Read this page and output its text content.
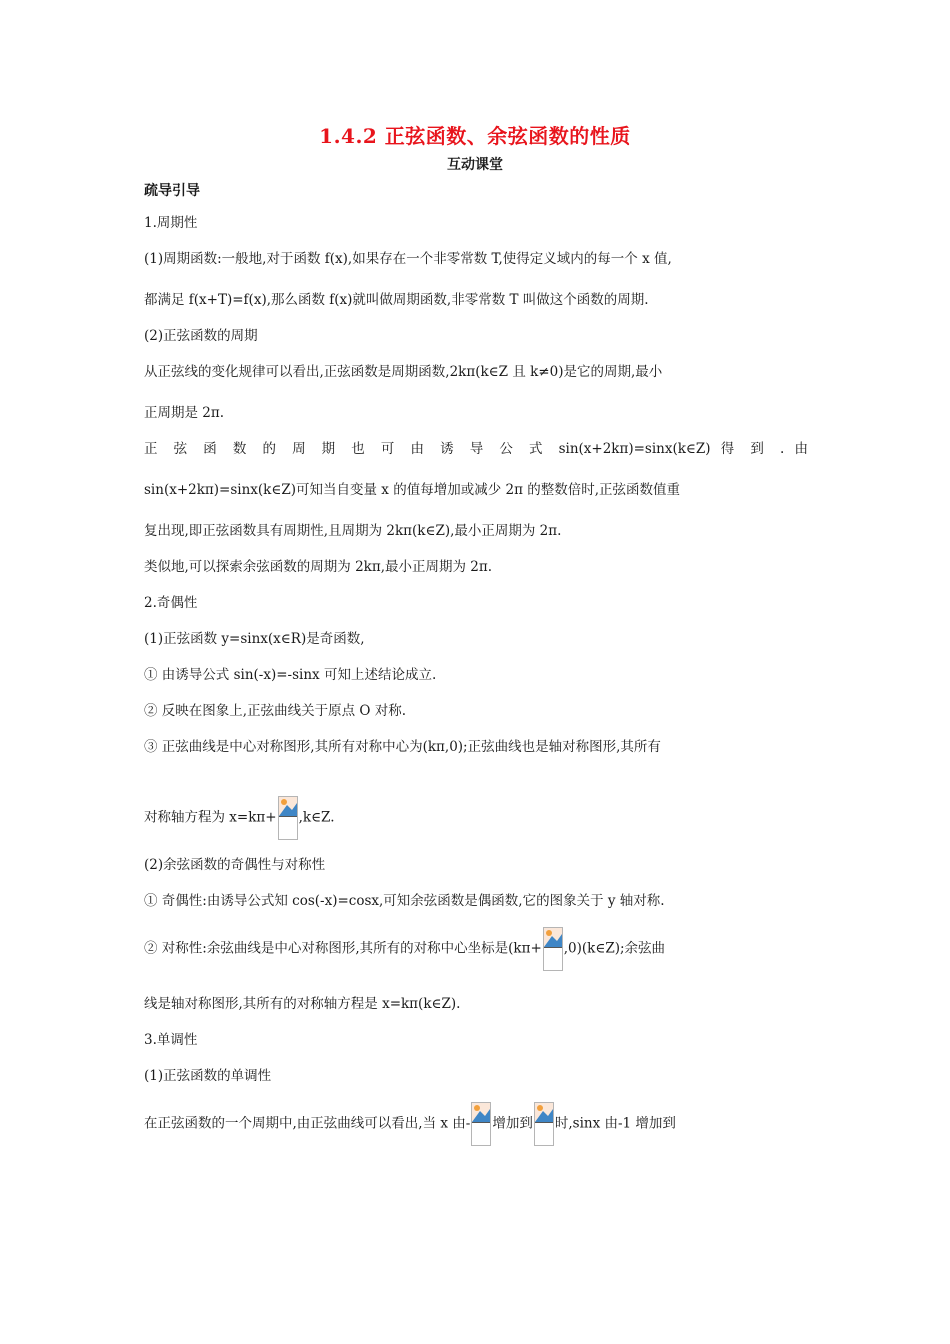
1.4.2 正弦函数、余弦函数的性质
互动课堂
疏导引导
1.周期性
(1)周期函数:一般地,对于函数 f(x),如果存在一个非零常数 T,使得定义域内的每一个 x 值,
都满足 f(x+T)=f(x),那么函数 f(x)就叫做周期函数,非零常数 T 叫做这个函数的周期.
(2)正弦函数的周期
从正弦线的变化规律可以看出,正弦函数是周期函数,2kπ(k∈Z 且 k≠0)是它的周期,最小
正周期是 2π.
正 弦 函 数 的 周 期 也 可 由 诱 导 公 式 sin(x+2kπ)=sinx(k∈Z) 得 到 . 由
sin(x+2kπ)=sinx(k∈Z)可知当自变量 x 的值每增加或减少 2π 的整数倍时,正弦函数值重
复出现,即正弦函数具有周期性,且周期为 2kπ(k∈Z),最小正周期为 2π.
类似地,可以探索余弦函数的周期为 2kπ,最小正周期为 2π.
2.奇偶性
(1)正弦函数 y=sinx(x∈R)是奇函数,
① 由诱导公式 sin(-x)=-sinx 可知上述结论成立.
② 反映在图象上,正弦曲线关于原点 O 对称.
③ 正弦曲线是中心对称图形,其所有对称中心为(kπ,0);正弦曲线也是轴对称图形,其所有
对称轴方程为 x=kπ+ ,k∈Z.
(2)余弦函数的奇偶性与对称性
① 奇偶性:由诱导公式知 cos(-x)=cosx,可知余弦函数是偶函数,它的图象关于 y 轴对称.
② 对称性:余弦曲线是中心对称图形,其所有的对称中心坐标是(kπ+ ,0)(k∈Z);余弦曲
线是轴对称图形,其所有的对称轴方程是 x=kπ(k∈Z).
3.单调性
(1)正弦函数的单调性
在正弦函数的一个周期中,由正弦曲线可以看出,当 x 由- 增加到 时,sinx 由-1 增加到
